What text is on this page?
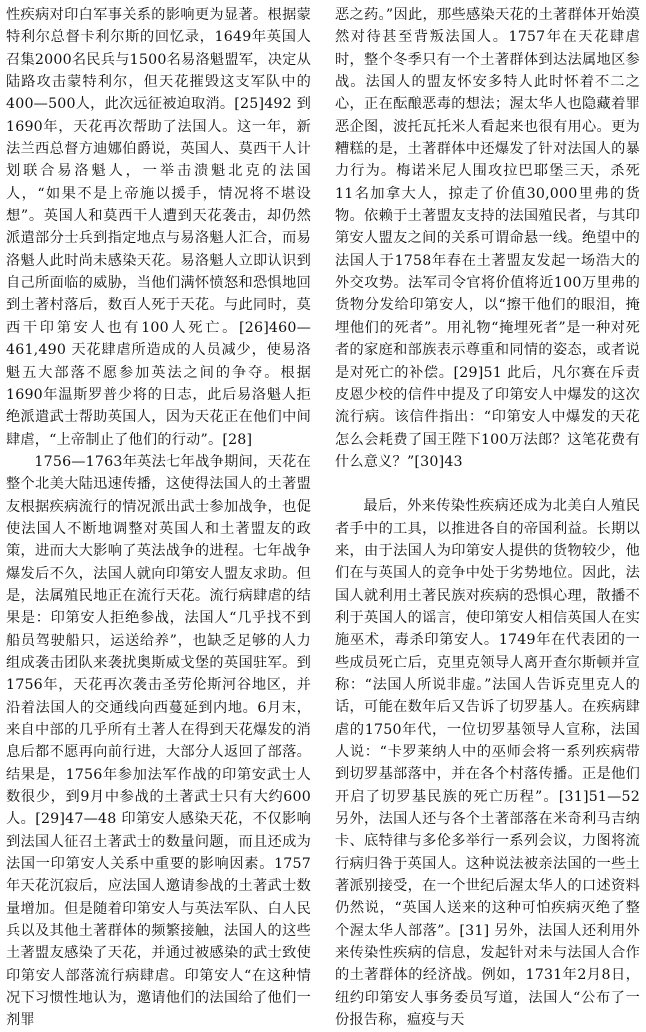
性疾病对印白军事关系的影响更为显著。根据蒙特利尔总督卡利尔斯的回忆录，1649年英国人召集2000名民兵与1500名易洛魁盟军，决定从陆路攻击蒙特利尔，但天花摧毁这支军队中的400—500人，此次远征被迫取消。[25]492 到1690年，天花再次帮助了法国人。这一年，新法兰西总督方迪娜伯爵说，英国人、莫西干人计划联合易洛魁人，一举击溃魁北克的法国人，“如果不是上帝施以援手，情况将不堪设想”。英国人和莫西干人遭到天花袭击，却仍然派遣部分士兵到指定地点与易洛魁人汇合，而易洛魁人此时尚未感染天花。易洛魁人立即认识到自己所面临的威胁，当他们满怀愤怒和恐惧地回到土著村落后，数百人死于天花。与此同时，莫西干印第安人也有100人死亡。[26]460—461,490 天花肆虐所造成的人员减少，使易洛魁五大部落不愿参加英法之间的争夺。根据1690年温斯罗普少将的日志，此后易洛魁人拒绝派遣武士帮助英国人，因为天花正在他们中间肆虐，“上帝制止了他们的行动”。[28]

1756—1763年英法七年战争期间，天花在整个北美大陆迅速传播，这使得法国人的土著盟友根据疾病流行的情况派出武士参加战争，也促使法国人不断地调整对英国人和土著盟友的政策，进而大大影响了英法战争的进程。七年战争爆发后不久，法国人就向印第安人盟友求助。但是，法属殖民地正在流行天花。流行病肆虐的结果是：印第安人拒绝参战，法国人“几乎找不到船员驾驶船只，运送给养”，也缺乏足够的人力组成袭击团队来袭扰奥斯威戈堡的英国驻军。到1756年，天花再次袭击圣劳伦斯河谷地区，并沿着法国人的交通线向西蔓延到内地。6月末，来自中部的几乎所有土著人在得到天花爆发的消息后都不愿再向前行进，大部分人返回了部落。结果是，1756年参加法军作战的印第安武士人数很少，到9月中参战的土著武士只有大约600人。[29]47—48 印第安人感染天花，不仅影响到法国人征召土著武士的数量问题，而且还成为法国一印第安人关系中重要的影响因素。1757年天花沉寂后，应法国人邀请参战的土著武士数量增加。但是随着印第安人与英法军队、白人民兵以及其他土著群体的频繁接触，法国人的这些土著盟友感染了天花，并通过被感染的武士致使印第安人部落流行病肆虐。印第安人“在这种情况下习惯性地认为，邀请他们的法国给了他们一剂罪

恶之药。”因此，那些感染天花的土著群体开始漠然对待甚至背叛法国人。1757年在天花肆虐时，整个冬季只有一个土著群体到达法属地区参战。法国人的盟友怀安多特人此时怀着不二之心，正在酝酿恶毒的想法；渥太华人也隐藏着罪恶企图，波托瓦托米人看起来也很有用心。更为糟糕的是，土著群体中还爆发了针对法国人的暴力行为。梅诺米尼人围攻拉巴耶堡三天，杀死11名加拿大人，掠走了价值30,000里弗的货物。依赖于土著盟友支持的法国殖民者，与其印第安人盟友之间的关系可谓命悬一线。绝望中的法国人于1758年春在土著盟友发起一场浩大的外交攻势。法军司令官将价值将近100万里弗的货物分发给印第安人，以“擦干他们的眼泪，掩埋他们的死者”。用礼物“掩埋死者”是一种对死者的家庭和部族表示尊重和同情的姿态，或者说是对死亡的补偿。[29]51 此后，凡尔赛在斥责皮恩少校的信件中提及了印第安人中爆发的这次流行病。该信件指出：“印第安人中爆发的天花怎么会耗费了国王陛下100万法郎？这笔花费有什么意义？”[30]43

最后，外来传染性疾病还成为北美白人殖民者手中的工具，以推进各自的帝国利益。长期以来，由于法国人为印第安人提供的货物较少，他们在与英国人的竞争中处于劣势地位。因此，法国人就利用土著民族对疾病的恐惧心理，散播不利于英国人的谣言，使印第安人相信英国人在实施巫术，毒杀印第安人。1749年在代表团的一些成员死亡后，克里克领导人离开查尔斯顿并宣称：“法国人所说非虚。”法国人告诉克里克人的话，可能在数年后又告诉了切罗基人。在疾病肆虐的1750年代，一位切罗基领导人宣称，法国人说：“卡罗莱纳人中的巫师会将一系列疾病带到切罗基部落中，并在各个村落传播。正是他们开启了切罗基民族的死亡历程”。[31]51—52 另外，法国人还与各个土著部落在米奇利马吉纳卡、底特律与多伦多举行一系列会议，力图将流行病归咎于英国人。这种说法被亲法国的一些土著派别接受，在一个世纪后渥太华人的口述资料仍然说，“英国人送来的这种可怕疾病灭绝了整个渥太华人部落”。[31] 另外，法国人还利用外来传染性疾病的信息，发起针对未与法国人合作的土著群体的经济战。例如，1731年2月8日，纽约印第安人事务委员写道，法国人“公布了一份报告称，瘟疫与天
